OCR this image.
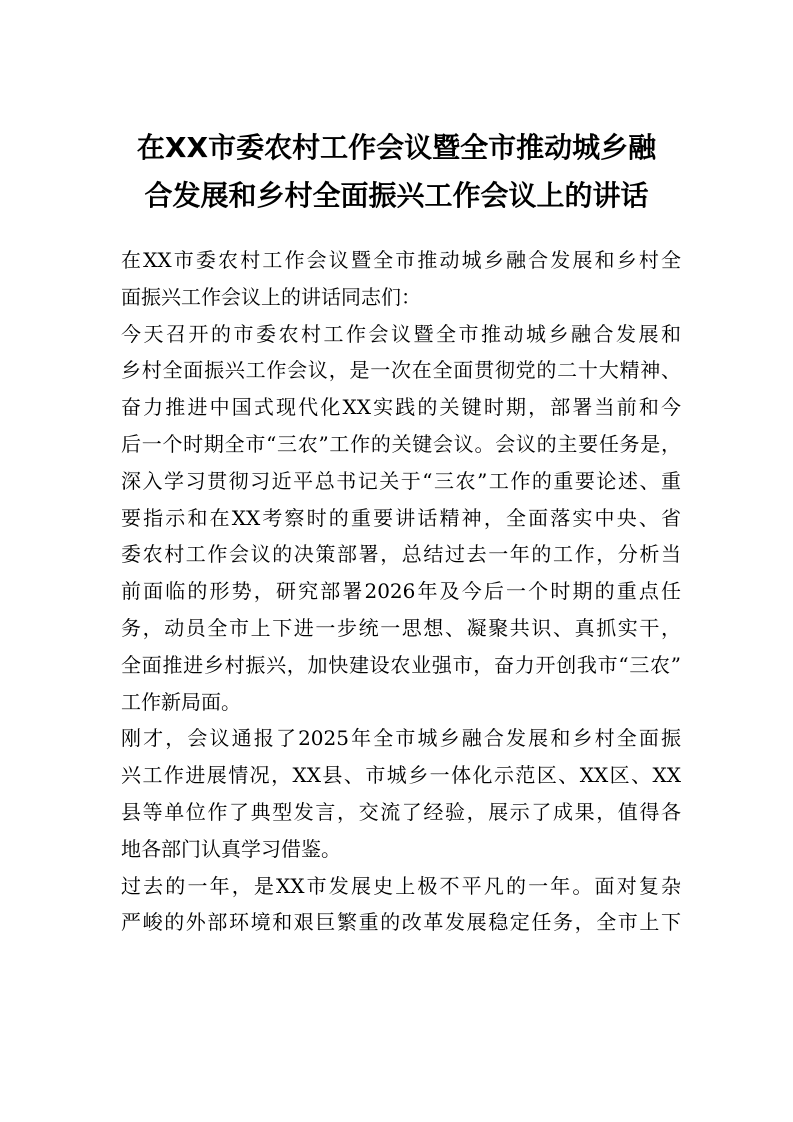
在XX市委农村工作会议暨全市推动城乡融
合发展和乡村全面振兴工作会议上的讲话
在XX市委农村工作会议暨全市推动城乡融合发展和乡村全
面振兴工作会议上的讲话同志们：
今天召开的市委农村工作会议暨全市推动城乡融合发展和
乡村全面振兴工作会议，是一次在全面贯彻党的二十大精神、
奋力推进中国式现代化XX实践的关键时期，部署当前和今
后一个时期全市“三农”工作的关键会议。会议的主要任务是，
深入学习贯彻习近平总书记关于“三农”工作的重要论述、重
要指示和在XX考察时的重要讲话精神，全面落实中央、省
委农村工作会议的决策部署，总结过去一年的工作，分析当
前面临的形势，研究部署2026年及今后一个时期的重点任
务，动员全市上下进一步统一思想、凝聚共识、真抓实干，
全面推进乡村振兴，加快建设农业强市，奋力开创我市“三农”
工作新局面。
刚才，会议通报了2025年全市城乡融合发展和乡村全面振
兴工作进展情况，XX县、市城乡一体化示范区、XX区、XX
县等单位作了典型发言，交流了经验，展示了成果，值得各
地各部门认真学习借鉴。
过去的一年，是XX市发展史上极不平凡的一年。面对复杂
严峻的外部环境和艰巨繁重的改革发展稳定任务，全市上下
